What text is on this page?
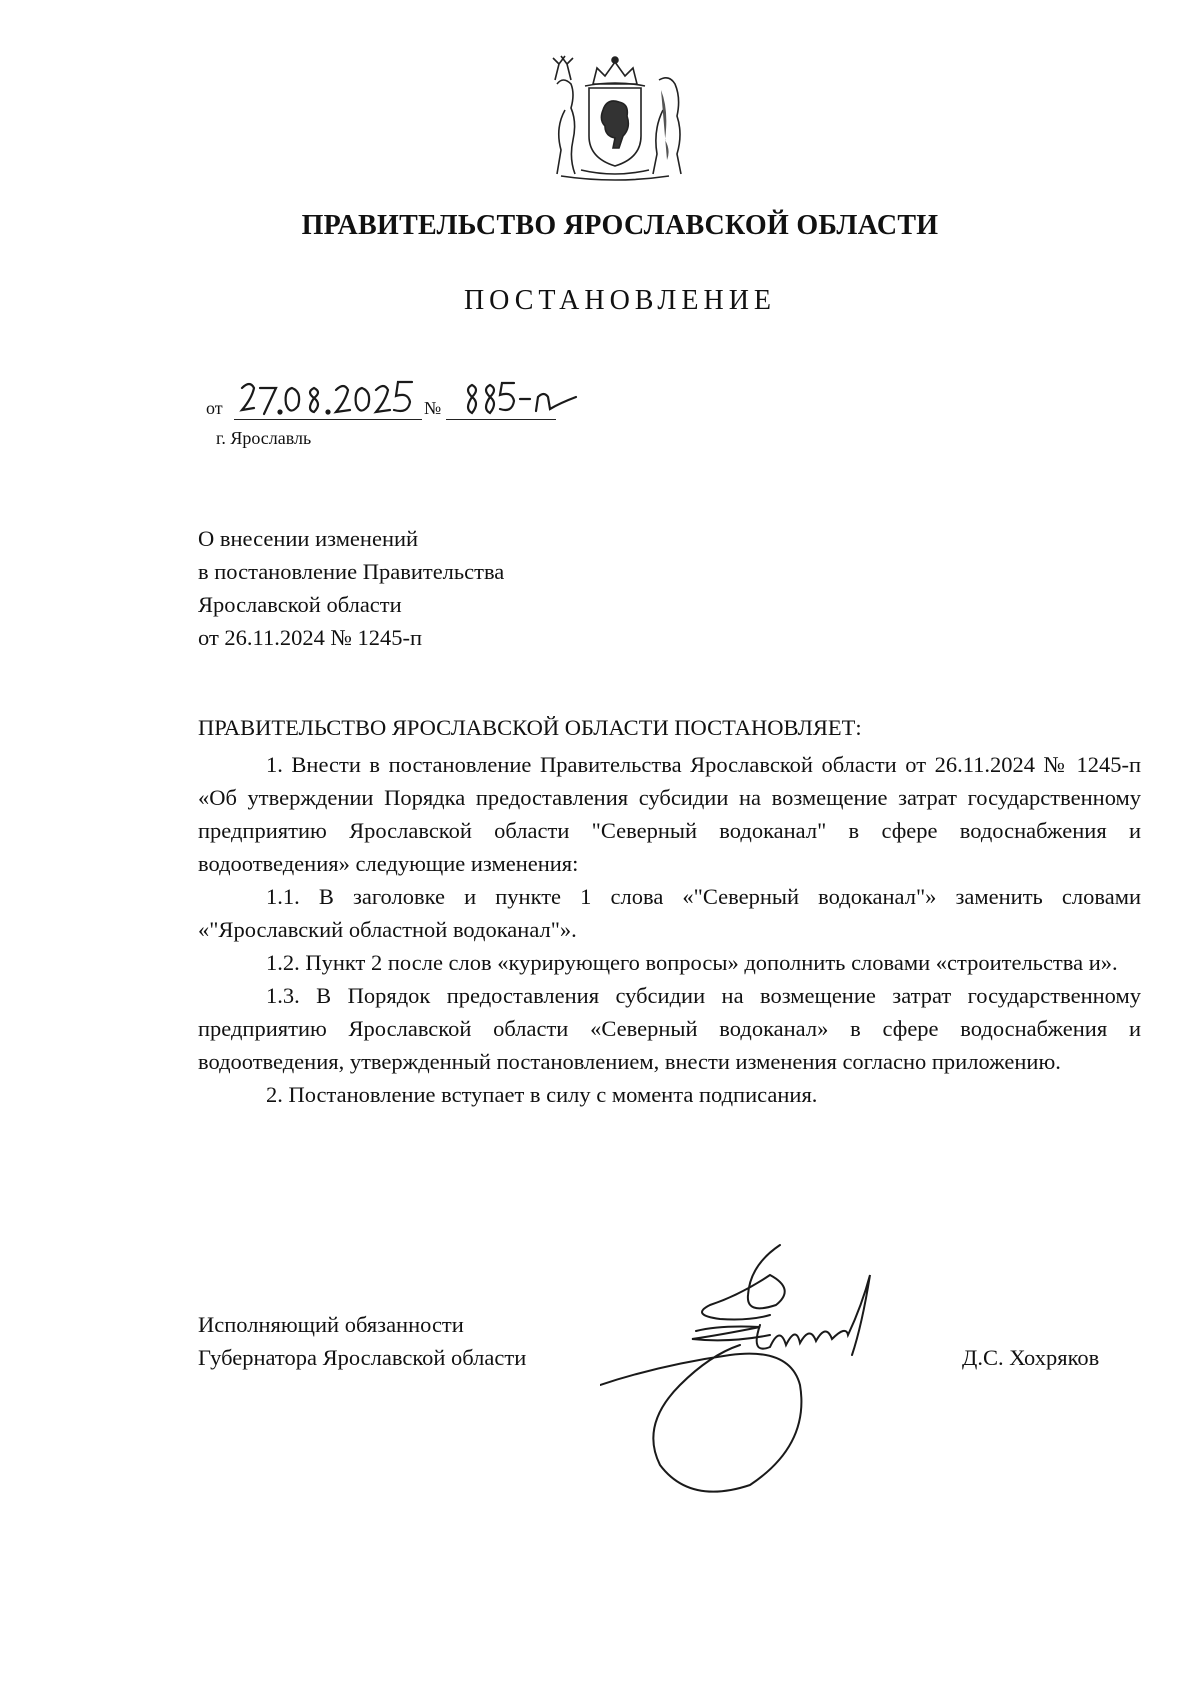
ПРАВИТЕЛЬСТВО ЯРОСЛАВСКОЙ ОБЛАСТИ
ПОСТАНОВЛЕНИЕ
от	№
г. Ярославль
О внесении изменений
в постановление Правительства
Ярославской области
от 26.11.2024 № 1245-п
ПРАВИТЕЛЬСТВО ЯРОСЛАВСКОЙ ОБЛАСТИ ПОСТАНОВЛЯЕТ:

1. Внести в постановление Правительства Ярославской области от 26.11.2024 № 1245-п «Об утверждении Порядка предоставления субсидии на возмещение затрат государственному предприятию Ярославской области "Северный водоканал" в сфере водоснабжения и водоотведения» следующие изменения:

1.1. В заголовке и пункте 1 слова «"Северный водоканал"» заменить словами «"Ярославский областной водоканал"».

1.2. Пункт 2 после слов «курирующего вопросы» дополнить словами «строительства и».

1.3. В Порядок предоставления субсидии на возмещение затрат государственному предприятию Ярославской области «Северный водоканал» в сфере водоснабжения и водоотведения, утвержденный постановлением, внести изменения согласно приложению.

2. Постановление вступает в силу с момента подписания.

Исполняющий обязанности
Губернатора Ярославской области	Д.С. Хохряков
